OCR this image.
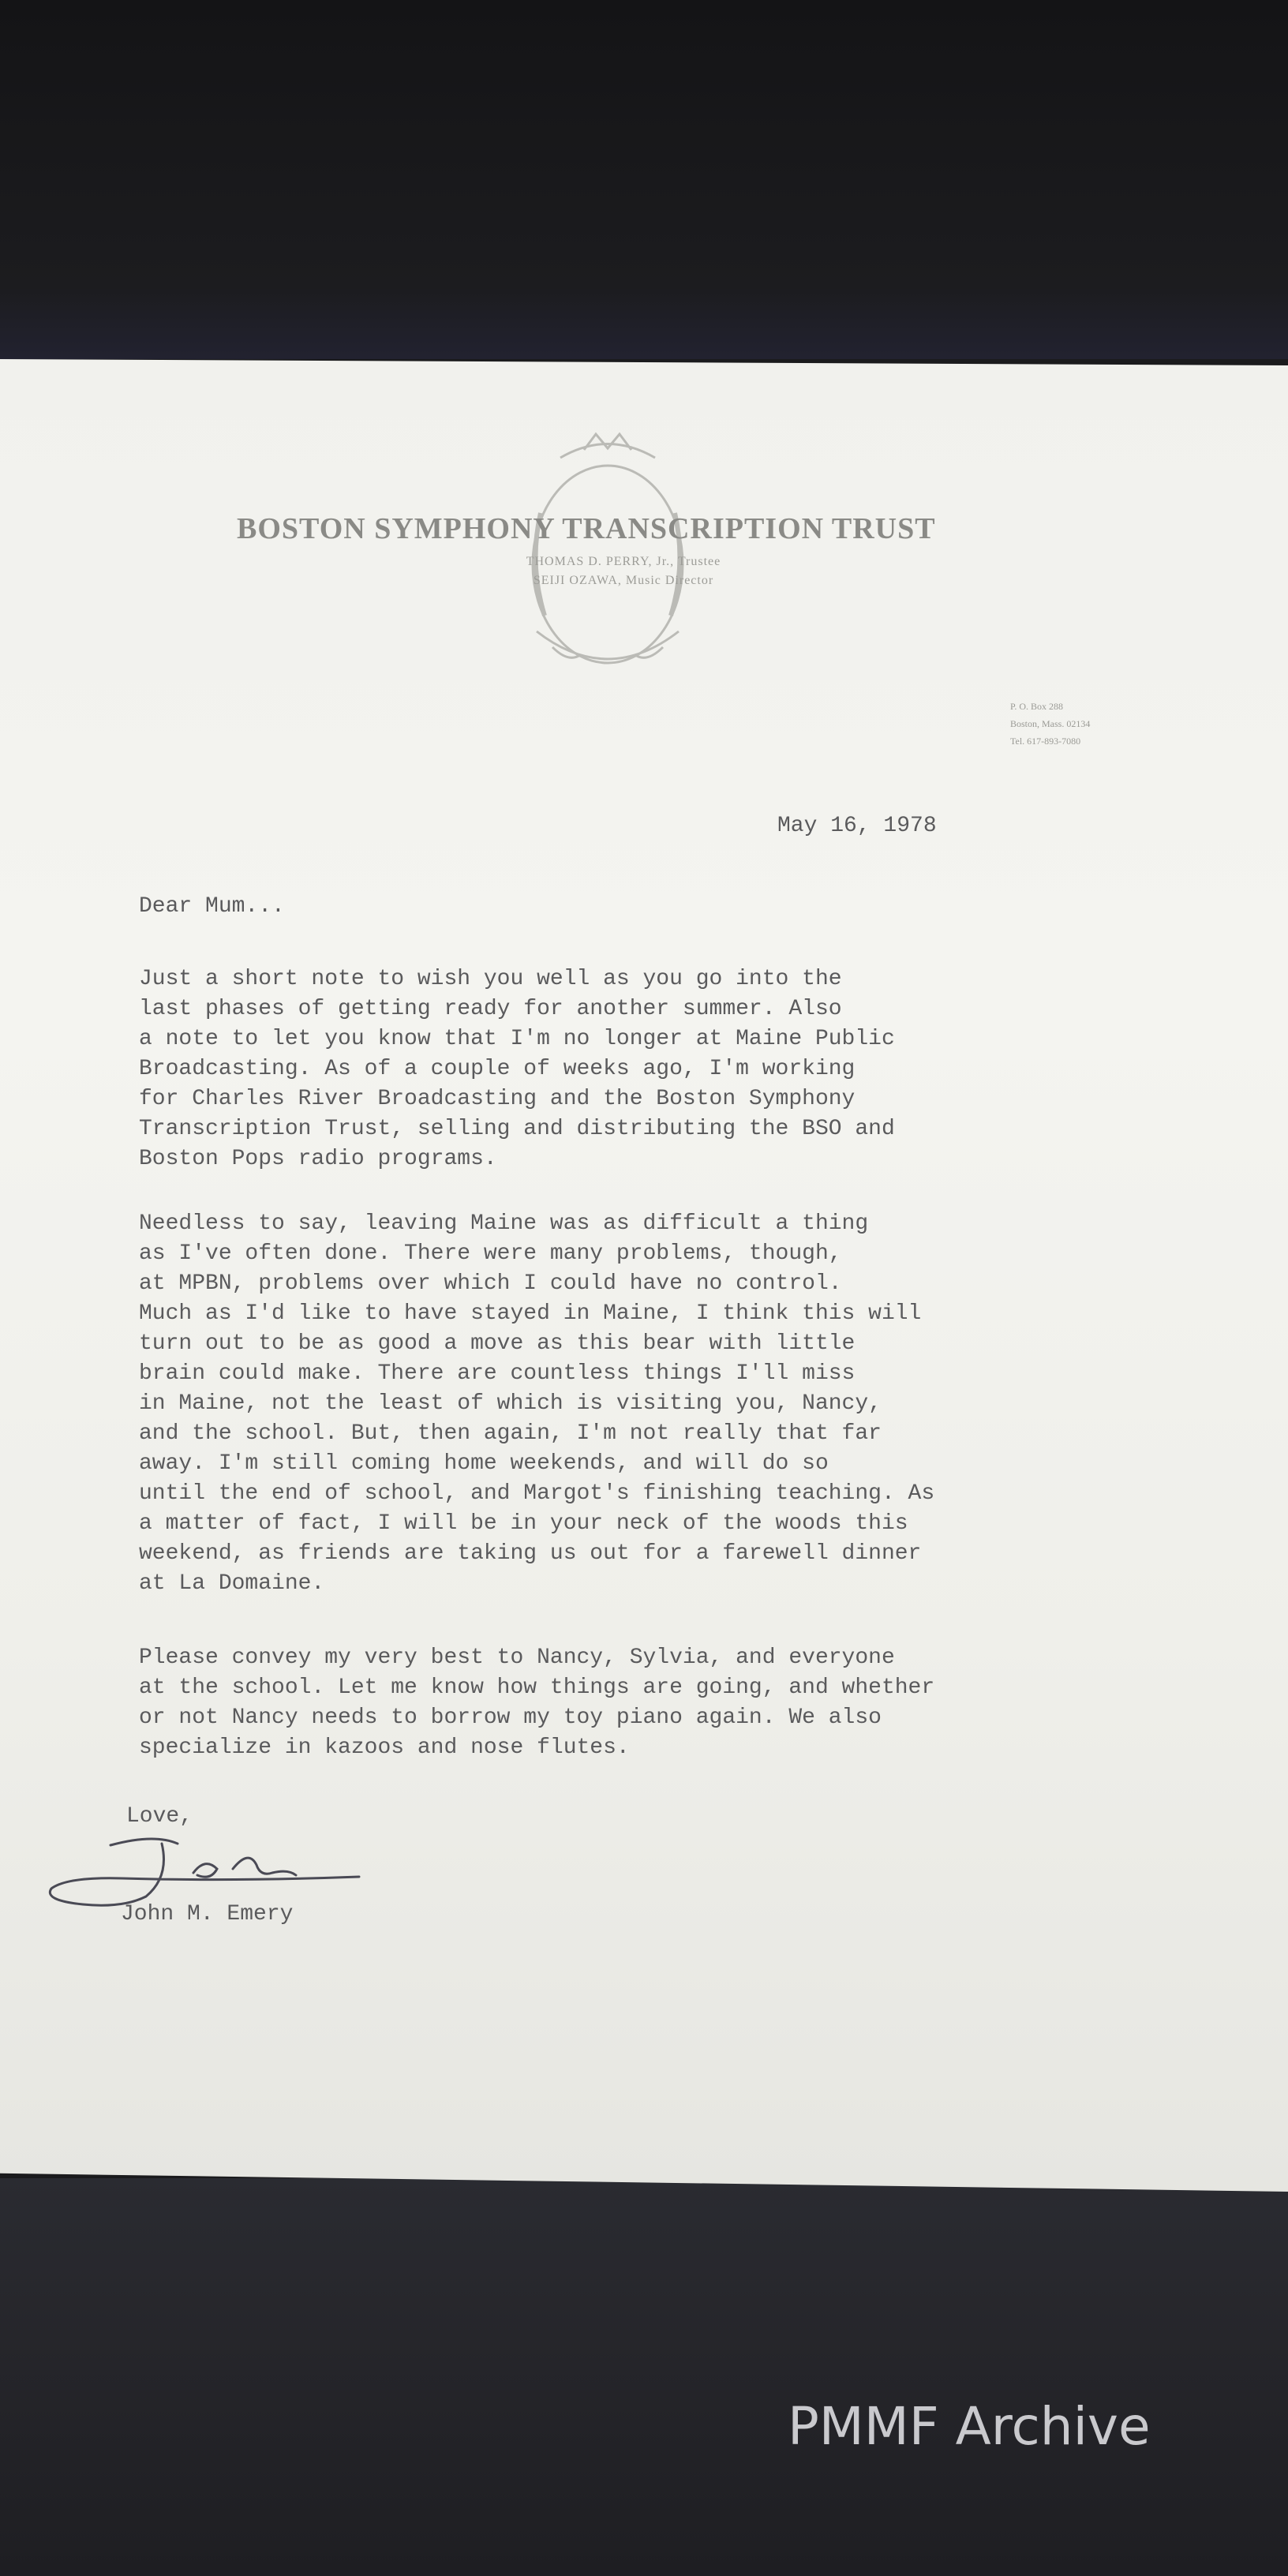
BOSTON SYMPHONY TRANSCRIPTION TRUST
THOMAS D. PERRY, Jr., Trustee
SEIJI OZAWA, Music Director
P. O. Box 288
Boston, Mass. 02134
Tel. 617-893-7080
May 16, 1978
Dear Mum...
Just a short note to wish you well as you go into the
last phases of getting ready for another summer. Also
a note to let you know that I'm no longer at Maine Public
Broadcasting. As of a couple of weeks ago, I'm working
for Charles River Broadcasting and the Boston Symphony
Transcription Trust, selling and distributing the BSO and
Boston Pops radio programs.
Needless to say, leaving Maine was as difficult a thing
as I've often done. There were many problems, though,
at MPBN, problems over which I could have no control.
Much as I'd like to have stayed in Maine, I think this will
turn out to be as good a move as this bear with little
brain could make. There are countless things I'll miss
in Maine, not the least of which is visiting you, Nancy,
and the school. But, then again, I'm not really that far
away. I'm still coming home weekends, and will do so
until the end of school, and Margot's finishing teaching. As
a matter of fact, I will be in your neck of the woods this
weekend, as friends are taking us out for a farewell dinner
at La Domaine.
Please convey my very best to Nancy, Sylvia, and everyone
at the school. Let me know how things are going, and whether
or not Nancy needs to borrow my toy piano again. We also
specialize in kazoos and nose flutes.
Love,
John M. Emery
PMMF Archive
